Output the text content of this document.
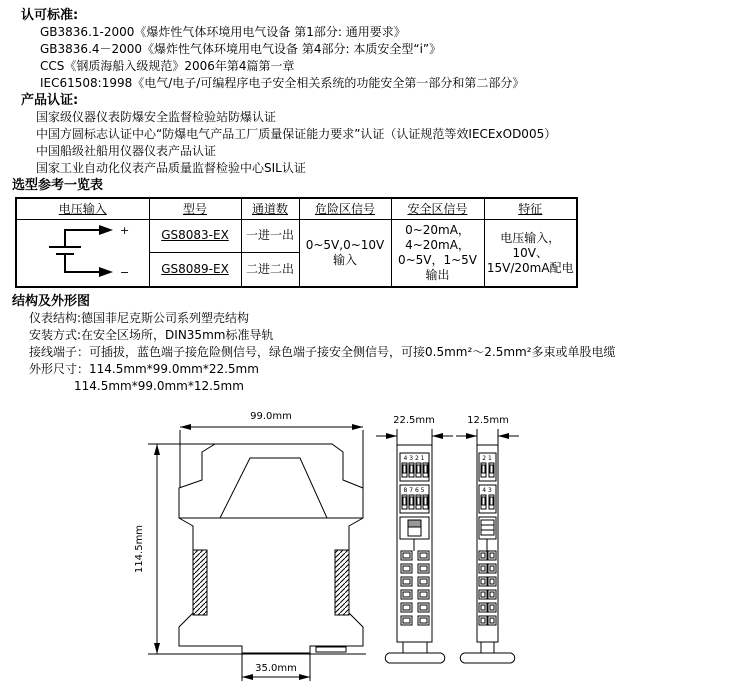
认可标准:
GB3836.1-2000《爆炸性气体环境用电气设备 第1部分: 通用要求》
GB3836.4－2000《爆炸性气体环境用电气设备 第4部分: 本质安全型“i”》
CCS《钢质海船入级规范》2006年第4篇第一章
IEC61508:1998《电气/电子/可编程序电子安全相关系统的功能安全第一部分和第二部分》
产品认证:
国家级仪器仪表防爆安全监督检验站防爆认证
中国方圆标志认证中心“防爆电气产品工厂质量保证能力要求”认证（认证规范等效IECExOD005）
中国船级社船用仪器仪表产品认证
国家工业自动化仪表产品质量监督检验中心SIL认证
选型参考一览表
电压输入	型号	通道数	危险区信号	安全区信号	特征

+
−	GS8083-EX	一进一出	0~5V,0~10V输入	0~20mA，4~20mA，0~5V，1~5V输出	电压输入，10V、15V/20mA配电
	GS8089-EX	二进二出			
结构及外形图
仪表结构:德国菲尼克斯公司系列塑壳结构
安装方式:在安全区场所，DIN35mm标准导轨
接线端子：可插拔，蓝色端子接危险侧信号，绿色端子接安全侧信号，可接0.5mm²～2.5mm²多束或单股电缆
外形尺寸：114.5mm*99.0mm*22.5mm
114.5mm*99.0mm*12.5mm
99.0mm
114.5mm
35.0mm
22.5mm
4 3 2 1
8 7 6 5
12.5mm
2 1
4 3
